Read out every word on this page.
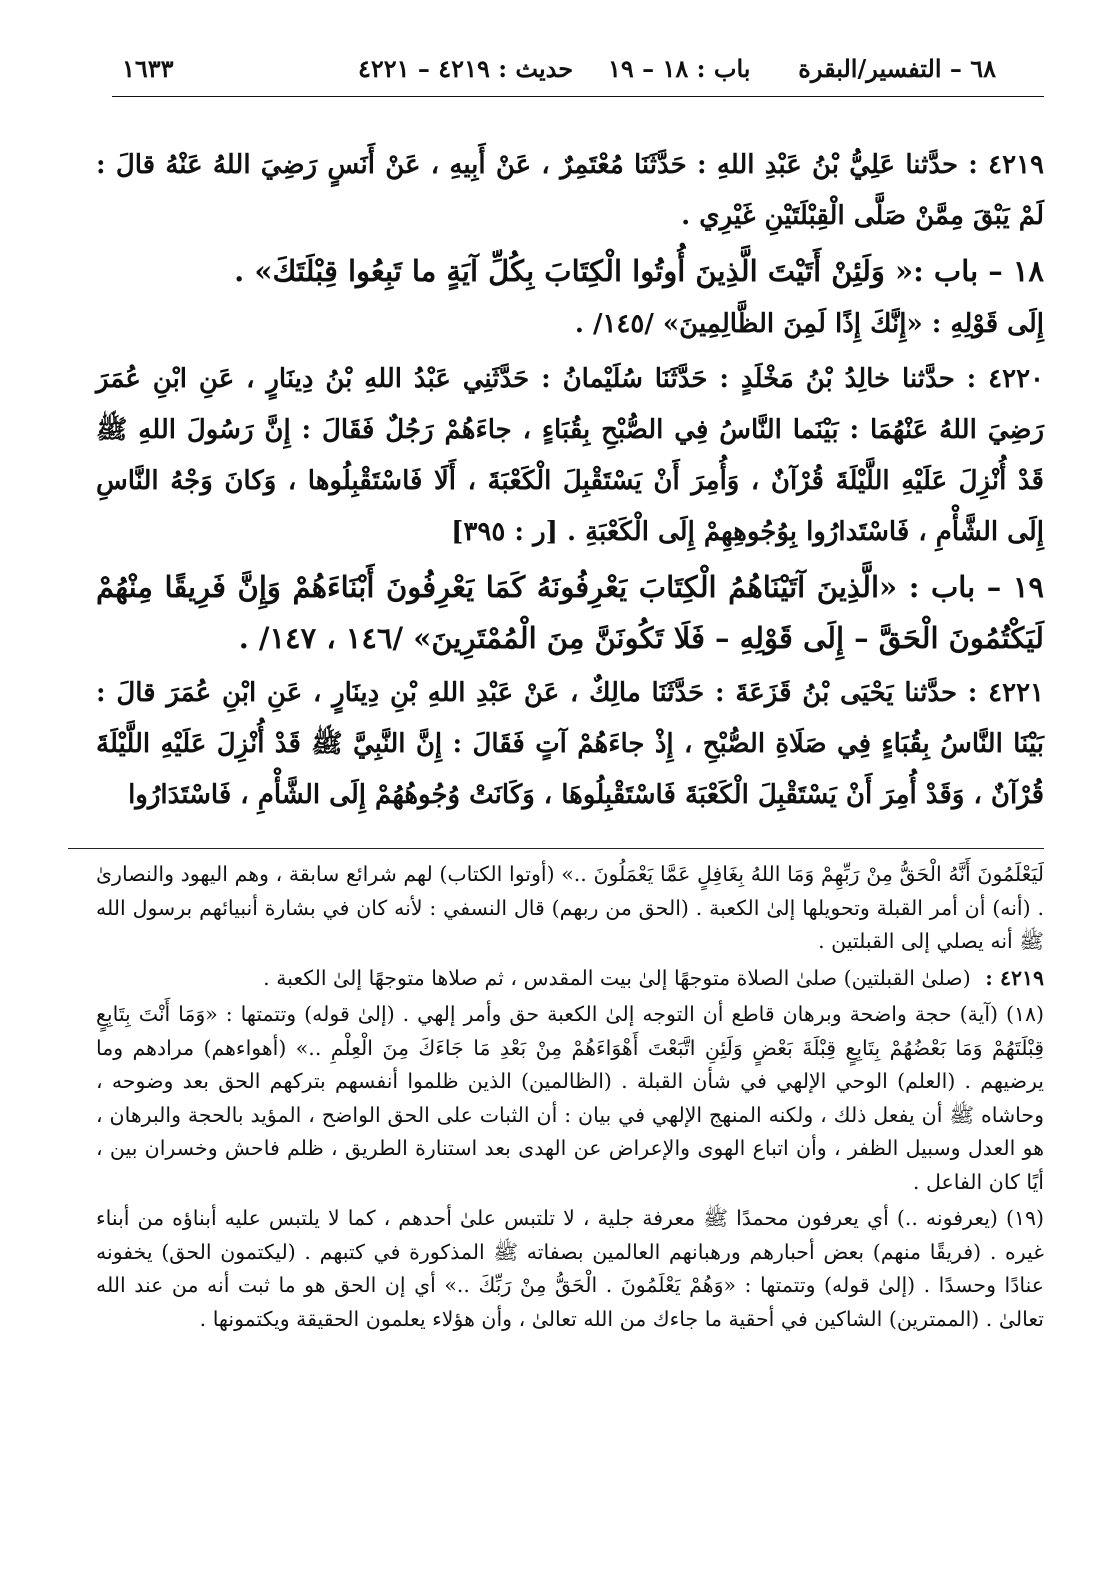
١٦٣٣	حديث : ٤٢١٩ – ٤٢٢١ باب : ١٨ – ١٩ ٦٨ – التفسير/البقرة

٤٢١٩ : حدَّثنا عَلِيُّ بْنُ عَبْدِ اللهِ : حَدَّثَنَا مُعْتَمِرٌ ، عَنْ أَبِيهِ ، عَنْ أَنَسٍ رَضِيَ اللهُ عَنْهُ قالَ : لَمْ يَبْقَ مِمَّنْ صَلَّى الْقِبْلَتَيْنِ غَيْرِي .

١٨ – باب :« وَلَئِنْ أَتَيْتَ الَّذِينَ أُوتُوا الْكِتَابَ بِكُلِّ آيَةٍ ما تَبِعُوا قِبْلَتَكَ» .
إِلَى قَوْلِهِ : «إِنَّكَ إِذًا لَمِنَ الظَّالِمِينَ» /١٤٥/ .

٤٢٢٠ : حدَّثنا خالِدُ بْنُ مَخْلَدٍ : حَدَّثَنَا سُلَيْمانُ : حَدَّثَنِي عَبْدُ اللهِ بْنُ دِينَارٍ ، عَنِ ابْنِ عُمَرَ رَضِيَ اللهُ عَنْهُمَا : بَيْنَما النَّاسُ فِي الصُّبْحِ بِقُبَاءٍ ، جاءَهُمْ رَجُلٌ فَقَالَ : إِنَّ رَسُولَ اللهِ ﷺ قَدْ أُنْزِلَ عَلَيْهِ اللَّيْلَةَ قُرْآنٌ ، وَأُمِرَ أَنْ يَسْتَقْبِلَ الْكَعْبَةَ ، أَلَا فَاسْتَقْبِلُوها ، وَكانَ وَجْهُ النَّاسِ إِلَى الشَّأْمِ ، فَاسْتَدارُوا بِوُجُوهِهِمْ إِلَى الْكَعْبَةِ . [ر : ٣٩٥]

١٩ – باب : «الَّذِينَ آتَيْنَاهُمُ الْكِتَابَ يَعْرِفُونَهُ كَمَا يَعْرِفُونَ أَبْنَاءَهُمْ وَإِنَّ فَرِيقًا مِنْهُمْ لَيَكْتُمُونَ الْحَقَّ – إِلَى قَوْلِهِ – فَلَا تَكُونَنَّ مِنَ الْمُمْتَرِينَ» /١٤٦ ، ١٤٧/ .

٤٢٢١ : حدَّثنا يَحْيَى بْنُ قَزَعَةَ : حَدَّثَنَا مالِكٌ ، عَنْ عَبْدِ اللهِ بْنِ دِينَارٍ ، عَنِ ابْنِ عُمَرَ قالَ : بَيْنَا النَّاسُ بِقُبَاءٍ فِي صَلَاةِ الصُّبْحِ ، إِذْ جاءَهُمْ آتٍ فَقَالَ : إِنَّ النَّبِيَّ ﷺ قَدْ أُنْزِلَ عَلَيْهِ اللَّيْلَةَ قُرْآنٌ ، وَقَدْ أُمِرَ أَنْ يَسْتَقْبِلَ الْكَعْبَةَ فَاسْتَقْبِلُوهَا ، وَكَانَتْ وُجُوهُهُمْ إِلَى الشَّأْمِ ، فَاسْتَدَارُوا

لَيَعْلَمُونَ أَنَّهُ الْحَقُّ مِنْ رَبِّهِمْ وَمَا اللهُ بِغَافِلٍ عَمَّا يَعْمَلُونَ ..» (أوتوا الكتاب) لهم شرائع سابقة ، وهم اليهود والنصارىٰ . (أنه) أن أمر القبلة وتحويلها إلىٰ الكعبة . (الحق من ربهم) قال النسفي : لأنه كان في بشارة أنبيائهم برسول الله ﷺ أنه يصلي إلى القبلتين .

٤٢١٩ : (صلىٰ القبلتين) صلىٰ الصلاة متوجهًا إلىٰ بيت المقدس ، ثم صلاها متوجهًا إلىٰ الكعبة .

(١٨) (آية) حجة واضحة وبرهان قاطع أن التوجه إلىٰ الكعبة حق وأمر إلهي . (إلىٰ قوله) وتتمتها : «وَمَا أَنْتَ بِتَابِعٍ قِبْلَتَهُمْ وَمَا بَعْضُهُمْ بِتَابِعٍ قِبْلَةَ بَعْضٍ وَلَئِنِ اتَّبَعْتَ أَهْوَاءَهُمْ مِنْ بَعْدِ مَا جَاءَكَ مِنَ الْعِلْمِ ..» (أهواءهم) مرادهم وما يرضيهم . (العلم) الوحي الإلهي في شأن القبلة . (الظالمين) الذين ظلموا أنفسهم بتركهم الحق بعد وضوحه ، وحاشاه ﷺ أن يفعل ذلك ، ولكنه المنهج الإلهي في بيان : أن الثبات على الحق الواضح ، المؤيد بالحجة والبرهان ، هو العدل وسبيل الظفر ، وأن اتباع الهوى والإعراض عن الهدى بعد استنارة الطريق ، ظلم فاحش وخسران بين ، أيًا كان الفاعل .

(١٩) (يعرفونه ..) أي يعرفون محمدًا ﷺ معرفة جلية ، لا تلتبس علىٰ أحدهم ، كما لا يلتبس عليه أبناؤه من أبناء غيره . (فريقًا منهم) بعض أحبارهم ورهبانهم العالمين بصفاته ﷺ المذكورة في كتبهم . (ليكتمون الحق) يخفونه عنادًا وحسدًا . (إلىٰ قوله) وتتمتها : «وَهُمْ يَعْلَمُونَ . الْحَقُّ مِنْ رَبِّكَ ..» أي إن الحق هو ما ثبت أنه من عند الله تعالىٰ . (الممترين) الشاكين في أحقية ما جاءك من الله تعالىٰ ، وأن هؤلاء يعلمون الحقيقة ويكتمونها .
